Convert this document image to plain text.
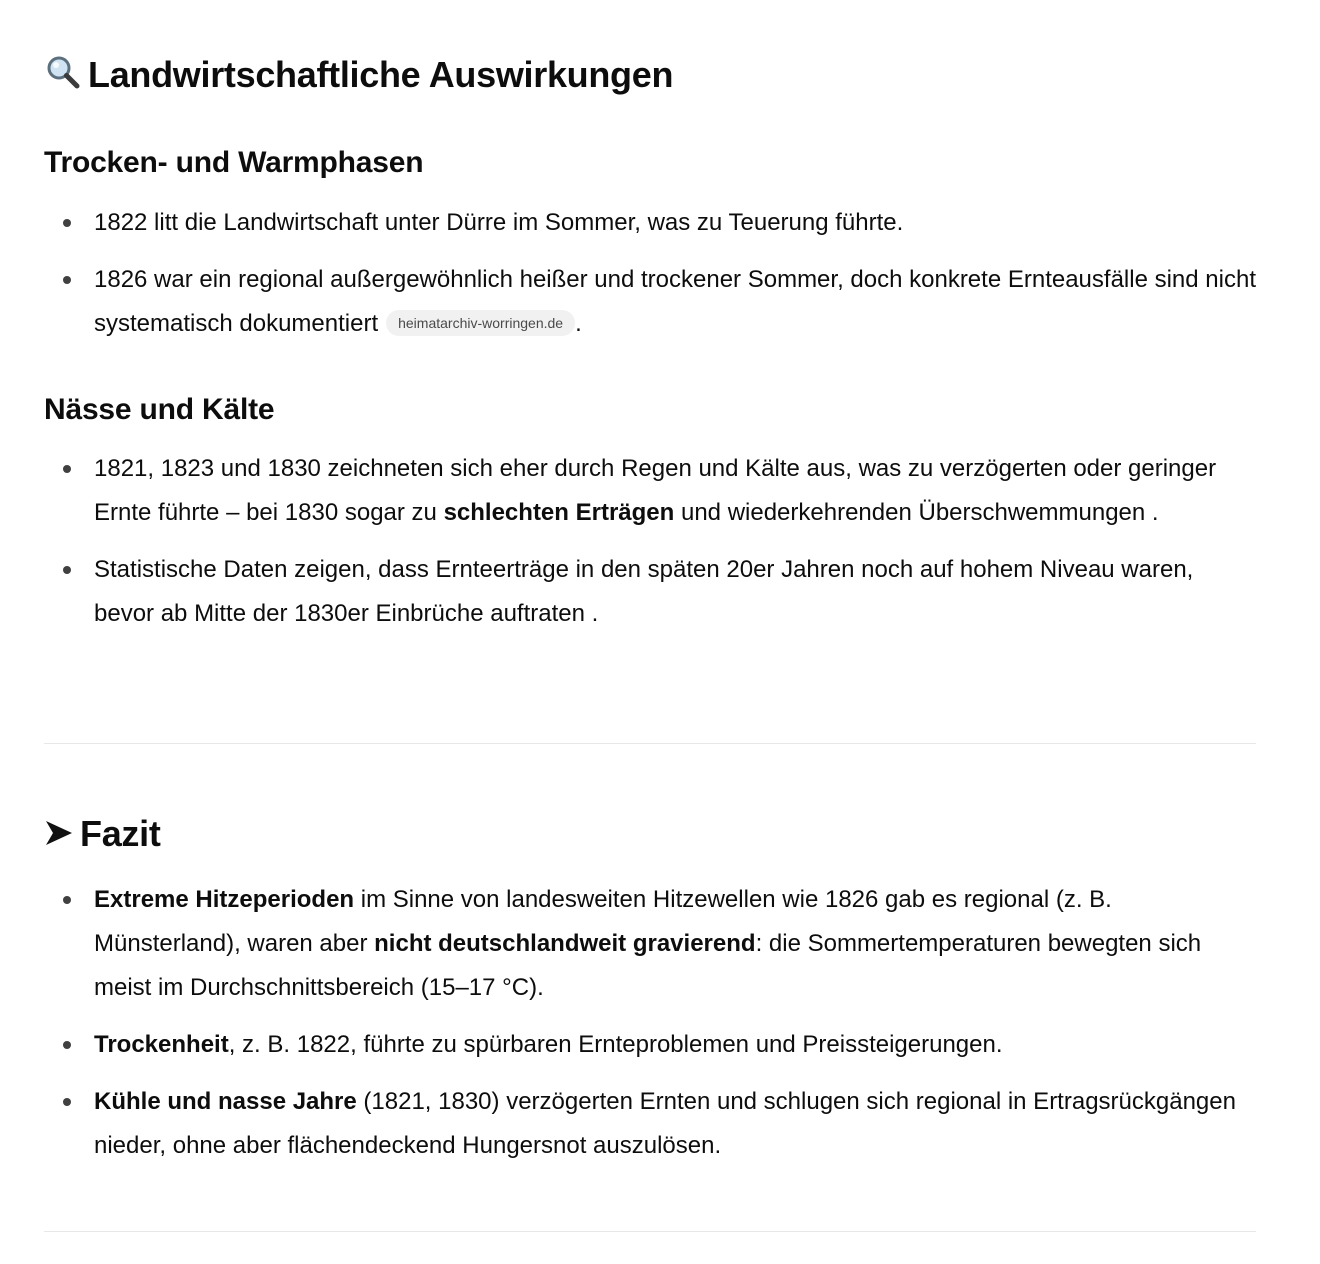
Landwirtschaftliche Auswirkungen
Trocken- und Warmphasen
1822 litt die Landwirtschaft unter Dürre im Sommer, was zu Teuerung führte.
1826 war ein regional außergewöhnlich heißer und trockener Sommer, doch konkrete Ernteausfälle sind nicht systematisch dokumentiert heimatarchiv-worringen.de .
Nässe und Kälte
1821, 1823 und 1830 zeichneten sich eher durch Regen und Kälte aus, was zu verzögerten oder geringer Ernte führte – bei 1830 sogar zu schlechten Erträgen und wiederkehrenden Überschwemmungen .
Statistische Daten zeigen, dass Ernteerträge in den späten 20er Jahren noch auf hohem Niveau waren, bevor ab Mitte der 1830er Einbrüche auftraten .
Fazit
Extreme Hitzeperioden im Sinne von landesweiten Hitzewellen wie 1826 gab es regional (z. B. Münsterland), waren aber nicht deutschlandweit gravierend: die Sommertemperaturen bewegten sich meist im Durchschnittsbereich (15–17 °C).
Trockenheit, z. B. 1822, führte zu spürbaren Ernteproblemen und Preissteigerungen.
Kühle und nasse Jahre (1821, 1830) verzögerten Ernten und schlugen sich regional in Ertragsrückgängen nieder, ohne aber flächendeckend Hungersnot auszulösen.
